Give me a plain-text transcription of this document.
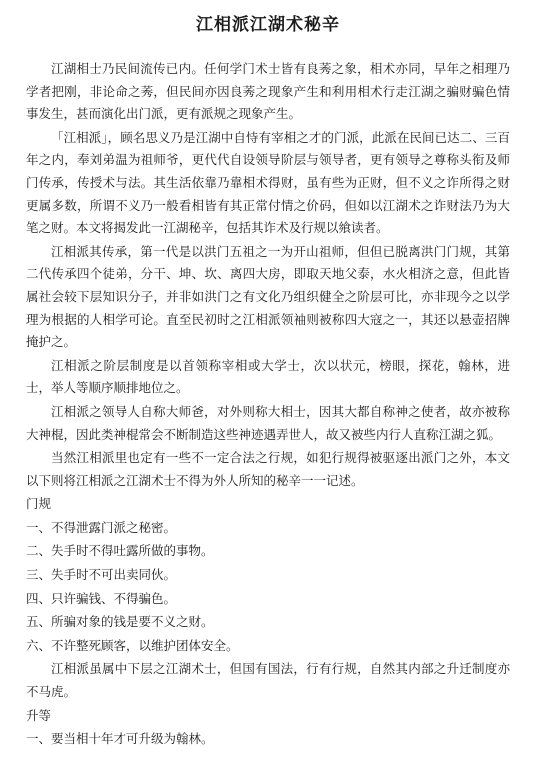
江相派江湖术秘辛

江湖相士乃民间流传已内。任何学门术士皆有良莠之象，相术亦同，早年之相理乃学者把刚，非论命之莠，但民间亦因良莠之现象产生和利用相术行走江湖之骗财骗色情事发生，甚而演化出门派，更有派规之现象产生。

「江相派」，顾名思义乃是江湖中自恃有宰相之才的门派，此派在民间已达二、三百年之内，奉刘弟温为祖师爷，更代代自设领导阶层与领导者，更有领导之尊称头衔及师门传承，传授术与法。其生活依靠乃靠相术得财，虽有些为正财，但不义之诈所得之财更属多数，所谓不义乃一般看相皆有其正常付情之价码，但如以江湖术之诈财法乃为大笔之财。本文将揭发此一江湖秘辛，包括其诈术及行规以飨读者。

江相派其传承，第一代是以洪门五祖之一为开山祖师，但但已脱离洪门门规，其第二代传承四个徒弟，分干、坤、坎、离四大房，即取天地父泰，水火相济之意，但此皆属社会较下层知识分子，并非如洪门之有文化乃组织健全之阶层可比，亦非现今之以学理为根据的人相学可论。直至民初时之江相派领袖则被称四大寇之一，其还以悬壶招牌掩护之。

江相派之阶层制度是以首领称宰相或大学士，次以状元，榜眼，探花，翰林，进士，举人等顺序顺排地位之。

江相派之领导人自称大师爸，对外则称大相士，因其大都自称神之使者，故亦被称大神棍，因此类神棍常会不断制造这些神迹遇弄世人，故又被些内行人直称江湖之狐。

当然江相派里也定有一些不一定合法之行规，如犯行规得被驱逐出派门之外，本文以下则将江相派之江湖术士不得为外人所知的秘辛一一记述。

门规
一、不得泄露门派之秘密。
二、失手时不得吐露所做的事物。
三、失手时不可出卖同伙。
四、只许骗钱、不得骗色。
五、所骗对象的钱是要不义之财。
六、不许整死顾客，以维护团体安全。

江相派虽属中下层之江湖术士，但国有国法，行有行规，自然其内部之升迁制度亦不马虎。

升等
一、要当相十年才可升级为翰林。
